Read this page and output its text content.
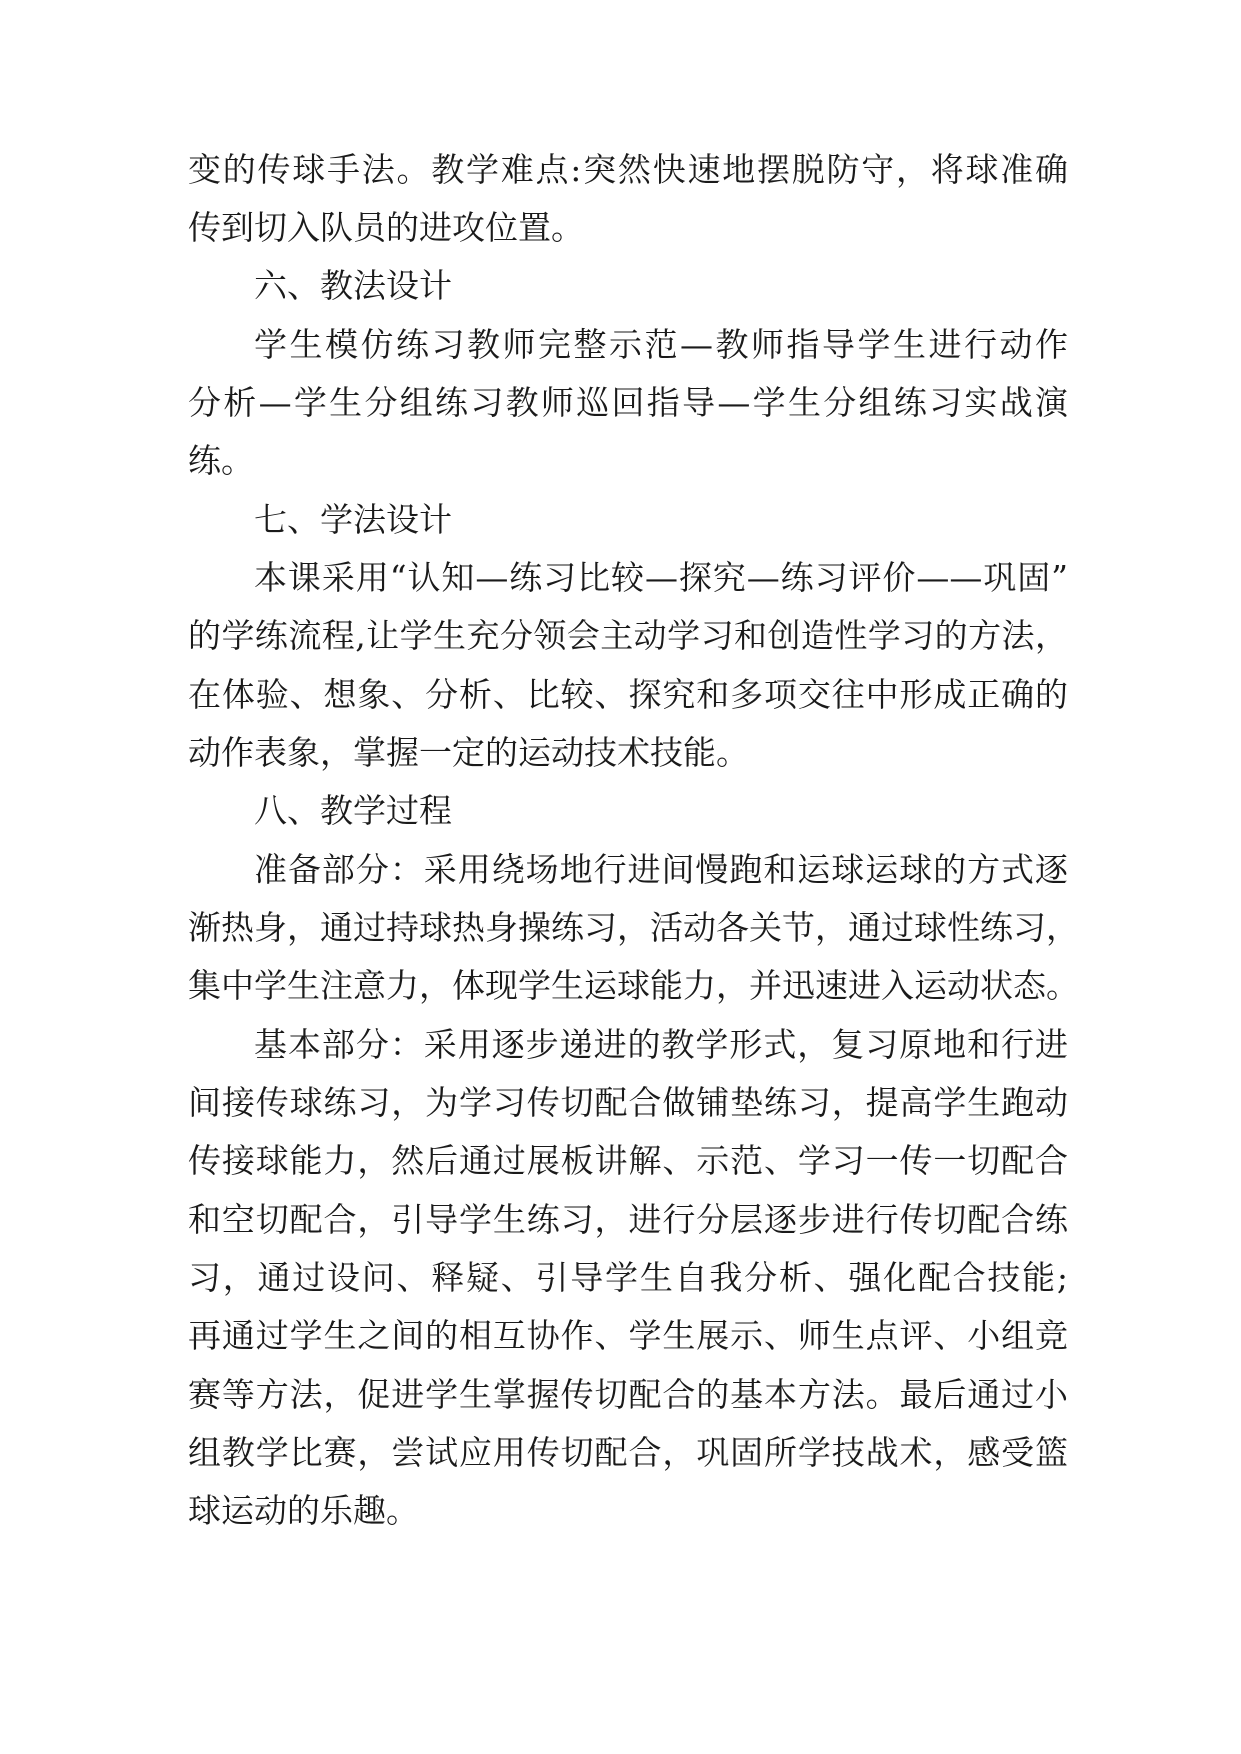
变的传球手法。教学难点:突然快速地摆脱防守，将球准确
传到切入队员的进攻位置。
六、教法设计
学生模仿练习教师完整示范—教师指导学生进行动作
分析—学生分组练习教师巡回指导—学生分组练习实战演
练。
七、学法设计
本课采用“认知—练习比较—探究—练习评价——巩固”
的学练流程,让学生充分领会主动学习和创造性学习的方法，
在体验、想象、分析、比较、探究和多项交往中形成正确的
动作表象，掌握一定的运动技术技能。
八、教学过程
准备部分：采用绕场地行进间慢跑和运球运球的方式逐
渐热身，通过持球热身操练习，活动各关节，通过球性练习，
集中学生注意力，体现学生运球能力，并迅速进入运动状态。
基本部分：采用逐步递进的教学形式，复习原地和行进
间接传球练习，为学习传切配合做铺垫练习，提高学生跑动
传接球能力，然后通过展板讲解、示范、学习一传一切配合
和空切配合，引导学生练习，进行分层逐步进行传切配合练
习，通过设问、释疑、引导学生自我分析、强化配合技能;
再通过学生之间的相互协作、学生展示、师生点评、小组竞
赛等方法，促进学生掌握传切配合的基本方法。最后通过小
组教学比赛，尝试应用传切配合，巩固所学技战术，感受篮
球运动的乐趣。
